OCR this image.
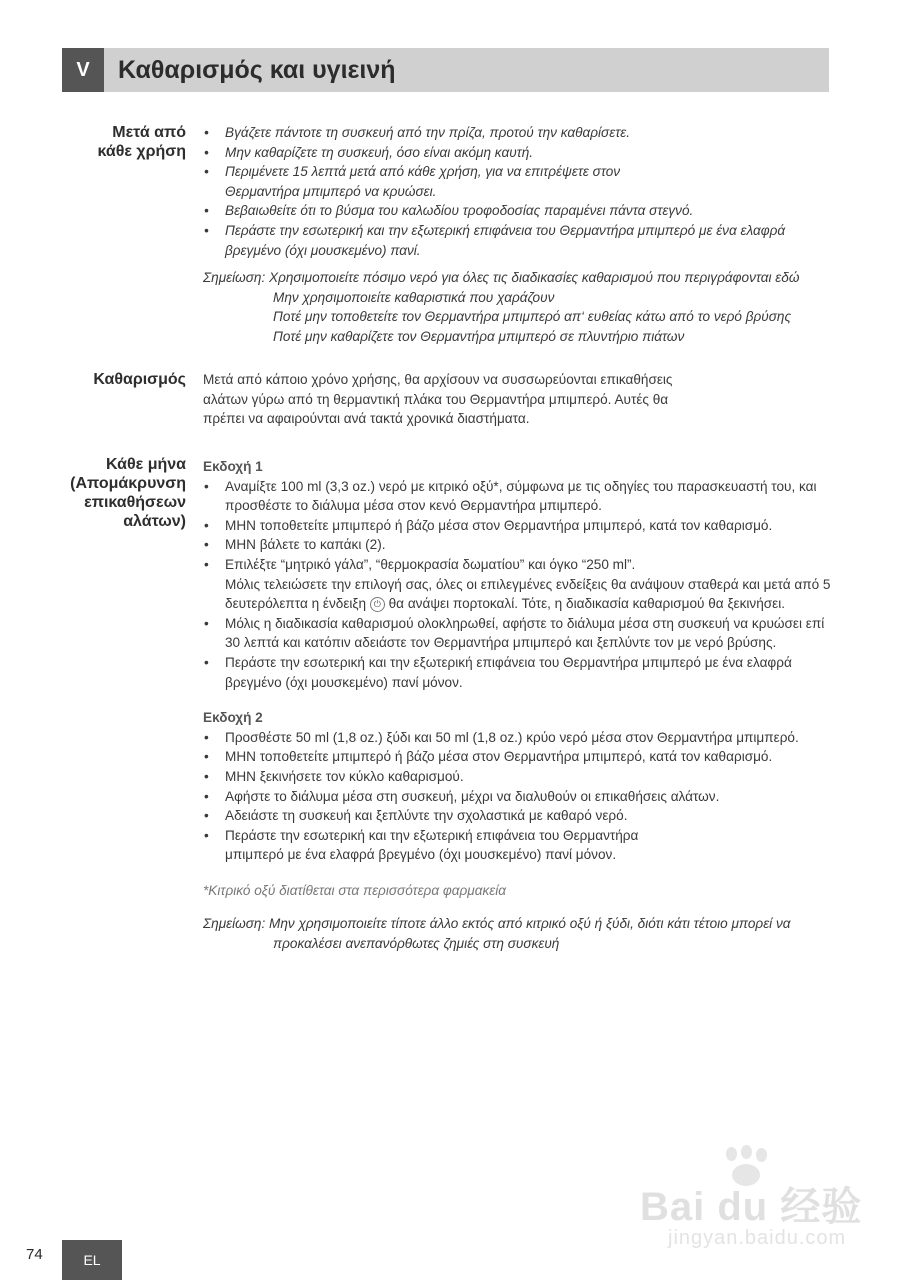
V	Καθαρισμός και υγιεινή
Μετά από
κάθε χρήση
• Βγάζετε πάντοτε τη συσκευή από την πρίζα, προτού την καθαρίσετε.
• Μην καθαρίζετε τη συσκευή, όσο είναι ακόμη καυτή.
• Περιμένετε 15 λεπτά μετά από κάθε χρήση, για να επιτρέψετε στον Θερμαντήρα μπιμπερό να κρυώσει.
• Βεβαιωθείτε ότι το βύσμα του καλωδίου τροφοδοσίας παραμένει πάντα στεγνό.
• Περάστε την εσωτερική και την εξωτερική επιφάνεια του Θερμαντήρα μπιμπερό με ένα ελαφρά βρεγμένο (όχι μουσκεμένο) πανί.
Σημείωση: Χρησιμοποιείτε πόσιμο νερό για όλες τις διαδικασίες καθαρισμού που περιγράφονται εδώ
Μην χρησιμοποιείτε καθαριστικά που χαράζουν
Ποτέ μην τοποθετείτε τον Θερμαντήρα μπιμπερό απ‘ ευθείας κάτω από το νερό βρύσης
Ποτέ μην καθαρίζετε τον Θερμαντήρα μπιμπερό σε πλυντήριο πιάτων
Καθαρισμός Μετά από κάποιο χρόνο χρήσης, θα αρχίσουν να συσσωρεύονται επικαθήσεις αλάτων γύρω από τη θερμαντική πλάκα του Θερμαντήρα μπιμπερό. Αυτές θα πρέπει να αφαιρούνται ανά τακτά χρονικά διαστήματα.
Κάθε μήνα
(Απομάκρυνση
επικαθήσεων
αλάτων)
Εκδοχή 1
• Αναμίξτε 100 ml (3,3 oz.) νερό με κιτρικό οξύ*, σύμφωνα με τις οδηγίες του παρασκευαστή του, και προσθέστε το διάλυμα μέσα στον κενό Θερμαντήρα μπιμπερό.
• ΜΗΝ τοποθετείτε μπιμπερό ή βάζο μέσα στον Θερμαντήρα μπιμπερό, κατά τον καθαρισμό.
• ΜΗΝ βάλετε το καπάκι (2).
• Επιλέξτε “μητρικό γάλα”, “θερμοκρασία δωματίου” και όγκο “250 ml”.
Μόλις τελειώσετε την επιλογή σας, όλες οι επιλεγμένες ενδείξεις θα ανάψουν σταθερά και μετά από 5 δευτερόλεπτα η ένδειξη ⏻ θα ανάψει πορτοκαλί. Τότε, η διαδικασία καθαρισμού θα ξεκινήσει.
• Μόλις η διαδικασία καθαρισμού ολοκληρωθεί, αφήστε το διάλυμα μέσα στη συσκευή να κρυώσει επί 30 λεπτά και κατόπιν αδειάστε τον Θερμαντήρα μπιμπερό και ξεπλύντε τον με νερό βρύσης.
• Περάστε την εσωτερική και την εξωτερική επιφάνεια του Θερμαντήρα μπιμπερό με ένα ελαφρά βρεγμένο (όχι μουσκεμένο) πανί μόνον.
Εκδοχή 2
• Προσθέστε 50 ml (1,8 oz.) ξύδι και 50 ml (1,8 oz.) κρύο νερό μέσα στον Θερμαντήρα μπιμπερό.
• ΜΗΝ τοποθετείτε μπιμπερό ή βάζο μέσα στον Θερμαντήρα μπιμπερό, κατά τον καθαρισμό.
• ΜΗΝ ξεκινήσετε τον κύκλο καθαρισμού.
• Αφήστε το διάλυμα μέσα στη συσκευή, μέχρι να διαλυθούν οι επικαθήσεις αλάτων.
• Αδειάστε τη συσκευή και ξεπλύντε την σχολαστικά με καθαρό νερό.
• Περάστε την εσωτερική και την εξωτερική επιφάνεια του Θερμαντήρα
μπιμπερό με ένα ελαφρά βρεγμένο (όχι μουσκεμένο) πανί μόνον.
*Κιτρικό οξύ διατίθεται στα περισσότερα φαρμακεία
Σημείωση: Μην χρησιμοποιείτε τίποτε άλλο εκτός από κιτρικό οξύ ή ξύδι, διότι κάτι τέτοιο μπορεί να
προκαλέσει ανεπανόρθωτες ζημιές στη συσκευή
Bai du 经验
jingyan.baidu.com
74	EL
